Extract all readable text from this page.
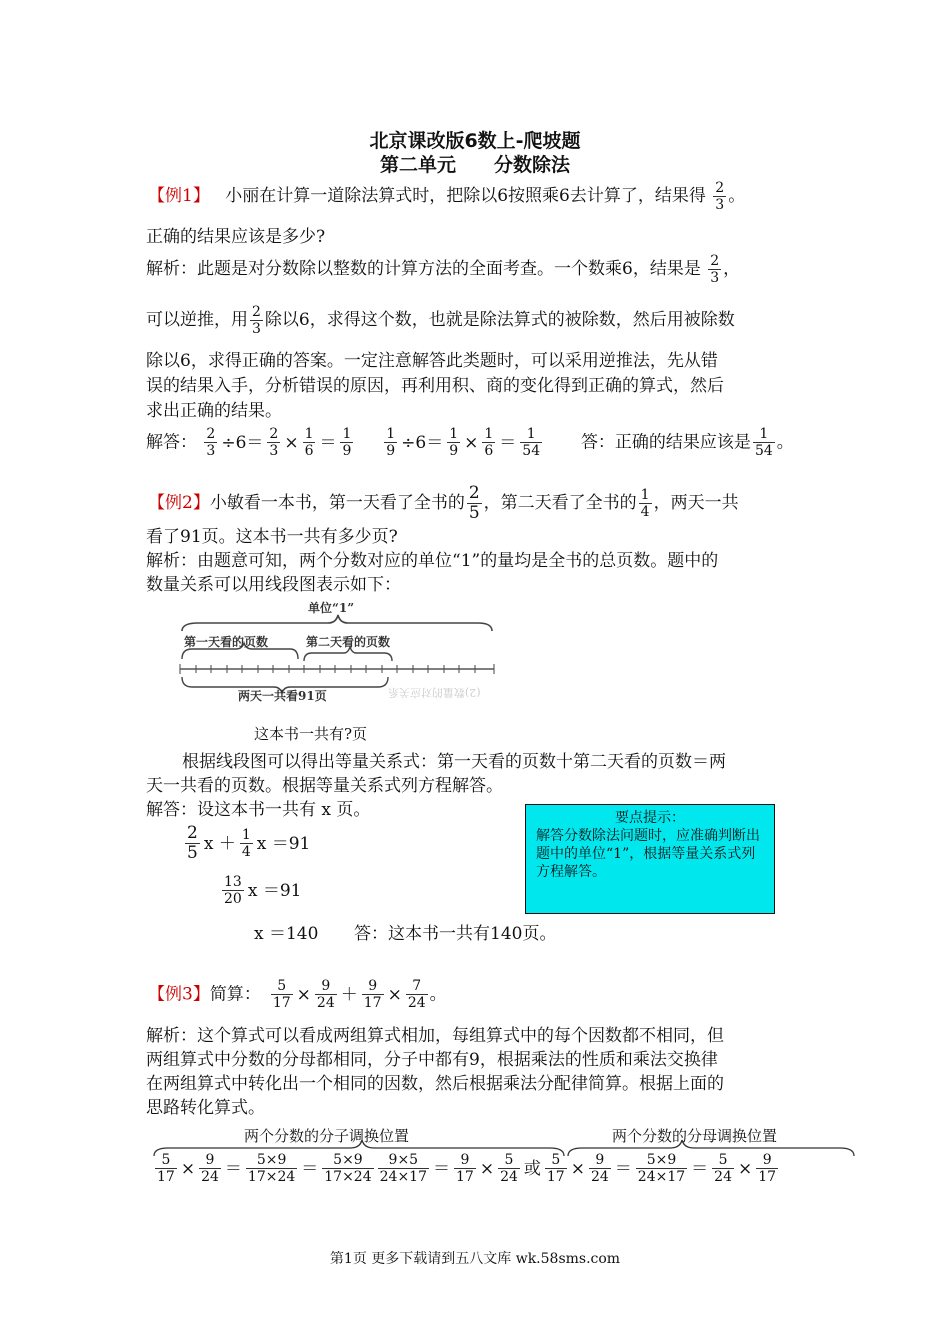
北京课改版6数上-爬坡题
第二单元　　分数除法
【例1】 小丽在计算一道除法算式时，把除以6按照乘6去计算了，结果得 $\frac{2}{3}$ 。
正确的结果应该是多少?
解析：此题是对分数除以整数的计算方法的全面考查。一个数乘6，结果是 $\frac{2}{3}$ ，
可以逆推，用 $\frac{2}{3}$ 除以6，求得这个数，也就是除法算式的被除数，然后用被除数
除以6，求得正确的答案。一定注意解答此类题时，可以采用逆推法，先从错
误的结果入手，分析错误的原因，再利用积、商的变化得到正确的算式，然后
求出正确的结果。
解答： $\frac{2}{3} \div 6= \frac{2}{3} \times \frac{1}{6} = \frac{1}{9}$
$\frac{1}{9} \div 6= \frac{1}{9} \times \frac{1}{6} = \frac{1}{54}$ 答：正确的结果应该是 $\frac{1}{54}$ 。
【例2】小敏看一本书，第一天看了全书的 $\frac{2}{5}$ ，第二天看了全书的 $\frac{1}{4}$ ，两天一共
看了91页。这本书一共有多少页?
解析：由题意可知，两个分数对应的单位“1”的量均是全书的总页数。题中的
数量关系可以用线段图表示如下：
单位“1”
第一天看的页数	第二天看的页数
两天一共看91页	(2)数量的对应关系
这本书一共有?页
根据线段图可以得出等量关系式：第一天看的页数十第二天看的页数＝两
天一共看的页数。根据等量关系式列方程解答。
解答：设这本书一共有 x 页。
$\frac{2}{5}$ $x + \frac{1}{4}$ x ＝91
$\frac{13}{20}$ x ＝91
x ＝140 答：这本书一共有140页。
要点提示：
解答分数除法问题时，应准确判断出题中的单位“1”，根据等量关系式列方程解答。
【例3】简算： $\frac{5}{17} \times \frac{9}{24} + \frac{9}{17} \times \frac{7}{24}$ 。
解析：这个算式可以看成两组算式相加，每组算式中的每个因数都不相同，但
两组算式中分数的分母都相同，分子中都有9，根据乘法的性质和乘法交换律
在两组算式中转化出一个相同的因数，然后根据乘法分配律简算。根据上面的
思路转化算式。
两个分数的分子调换位置	两个分数的分母调换位置
$\frac{5}{17} \times \frac{9}{24} = \frac{5\times 9}{17\times 24} = \frac{5\times 9}{17\times 24} \frac{9\times 5}{24\times 17} = \frac{9}{17} \times \frac{5}{24}$ 或 $\frac{5}{17} \times \frac{9}{24} = \frac{5\times 9}{24\times 17} = \frac{5}{24} \times \frac{9}{17}$
第1页 更多下载请到五八文库 wk.58sms.com
